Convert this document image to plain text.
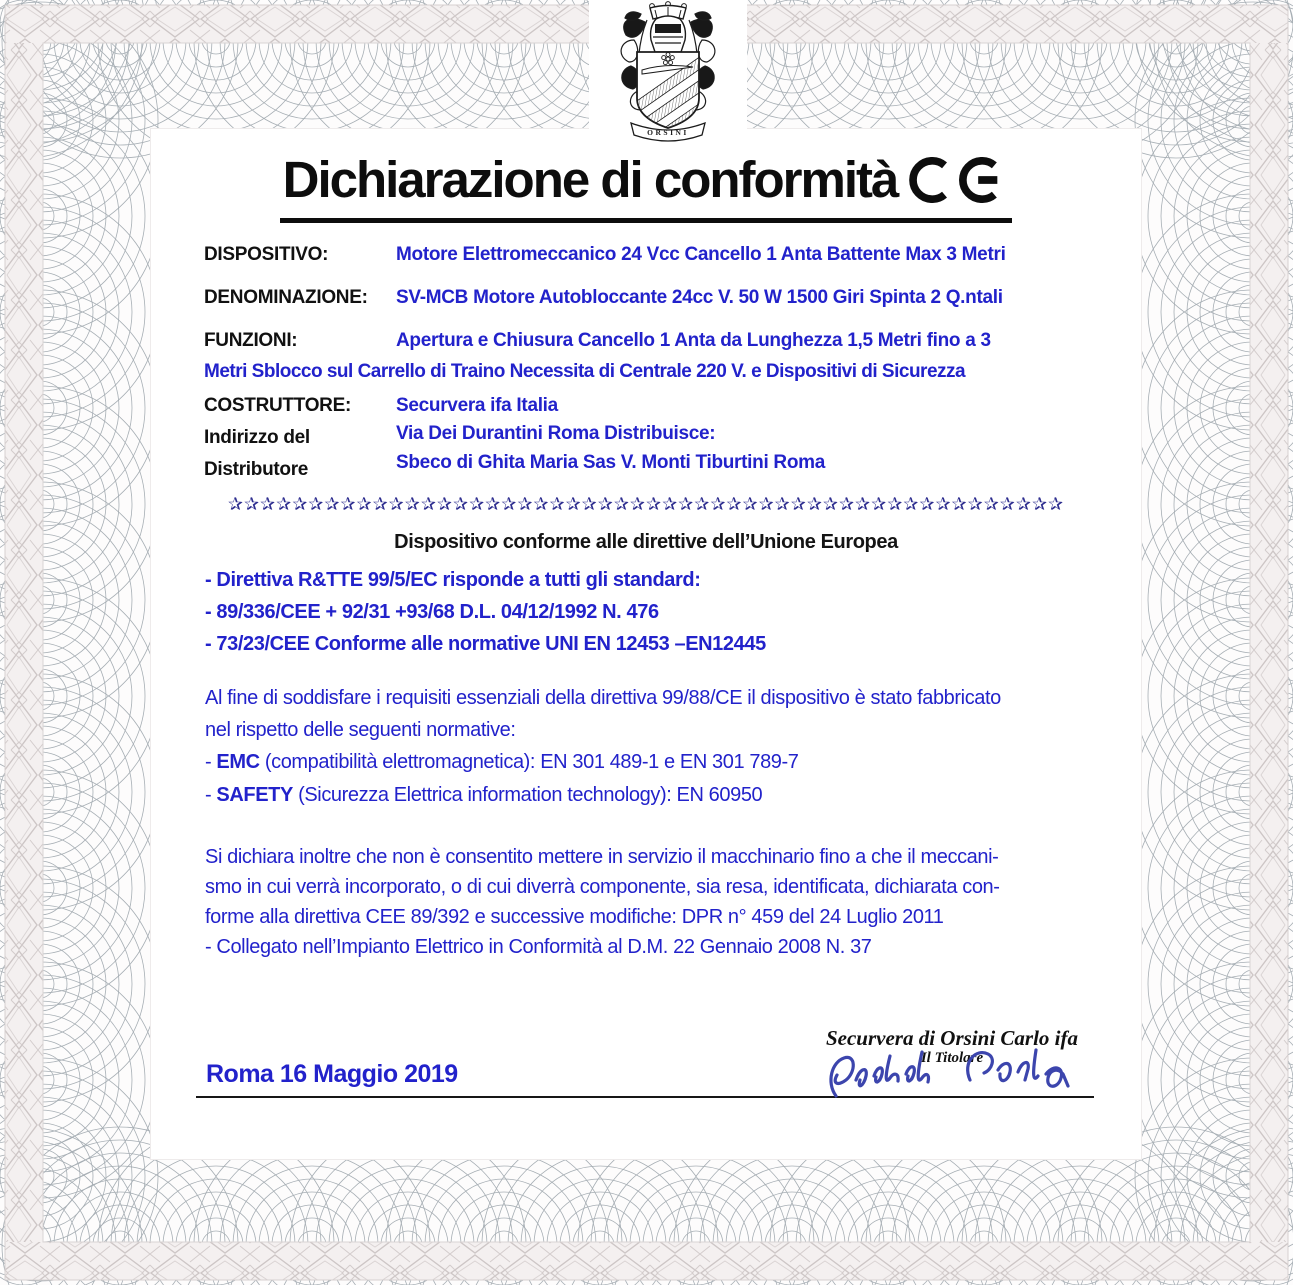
ORSINI
Dichiarazione di conformità
DISPOSITIVO:	Motore Elettromeccanico 24 Vcc Cancello 1 Anta Battente Max 3 Metri
DENOMINAZIONE: SV-MCB Motore Autobloccante 24cc V. 50 W 1500 Giri Spinta 2 Q.ntali
FUNZIONI:	Apertura e Chiusura Cancello 1 Anta da Lunghezza 1,5 Metri fino a 3
Metri Sblocco sul Carrello di Traino Necessita di Centrale 220 V. e Dispositivi di Sicurezza
COSTRUTTORE: Securvera ifa Italia
Indirizzo del	Via Dei Durantini Roma Distribuisce:
Distributore	Sbeco di Ghita Maria Sas V. Monti Tiburtini Roma
✰✰✰✰✰✰✰✰✰✰✰✰✰✰✰✰✰✰✰✰✰✰✰✰✰✰✰✰✰✰✰✰✰✰✰✰✰✰✰✰✰✰✰✰✰✰✰✰✰✰✰✰
Dispositivo conforme alle direttive dell’Unione Europea
- Direttiva R&TTE 99/5/EC risponde a tutti gli standard:
- 89/336/CEE + 92/31 +93/68 D.L. 04/12/1992 N. 476
- 73/23/CEE Conforme alle normative UNI EN 12453 –EN12445
Al fine di soddisfare i requisiti essenziali della direttiva 99/88/CE il dispositivo è stato fabbricato
nel rispetto delle seguenti normative:
- EMC (compatibilità elettromagnetica): EN 301 489-1 e EN 301 789-7
- SAFETY (Sicurezza Elettrica information technology): EN 60950
Si dichiara inoltre che non è consentito mettere in servizio il macchinario fino a che il meccani-
smo in cui verrà incorporato, o di cui diverrà componente, sia resa, identificata, dichiarata con-
forme alla direttiva CEE 89/392 e successive modifiche: DPR n° 459 del 24 Luglio 2011
- Collegato nell’Impianto Elettrico in Conformità al D.M. 22 Gennaio 2008 N. 37
Securvera di Orsini Carlo ifa
Il Titolare
Roma 16 Maggio 2019
